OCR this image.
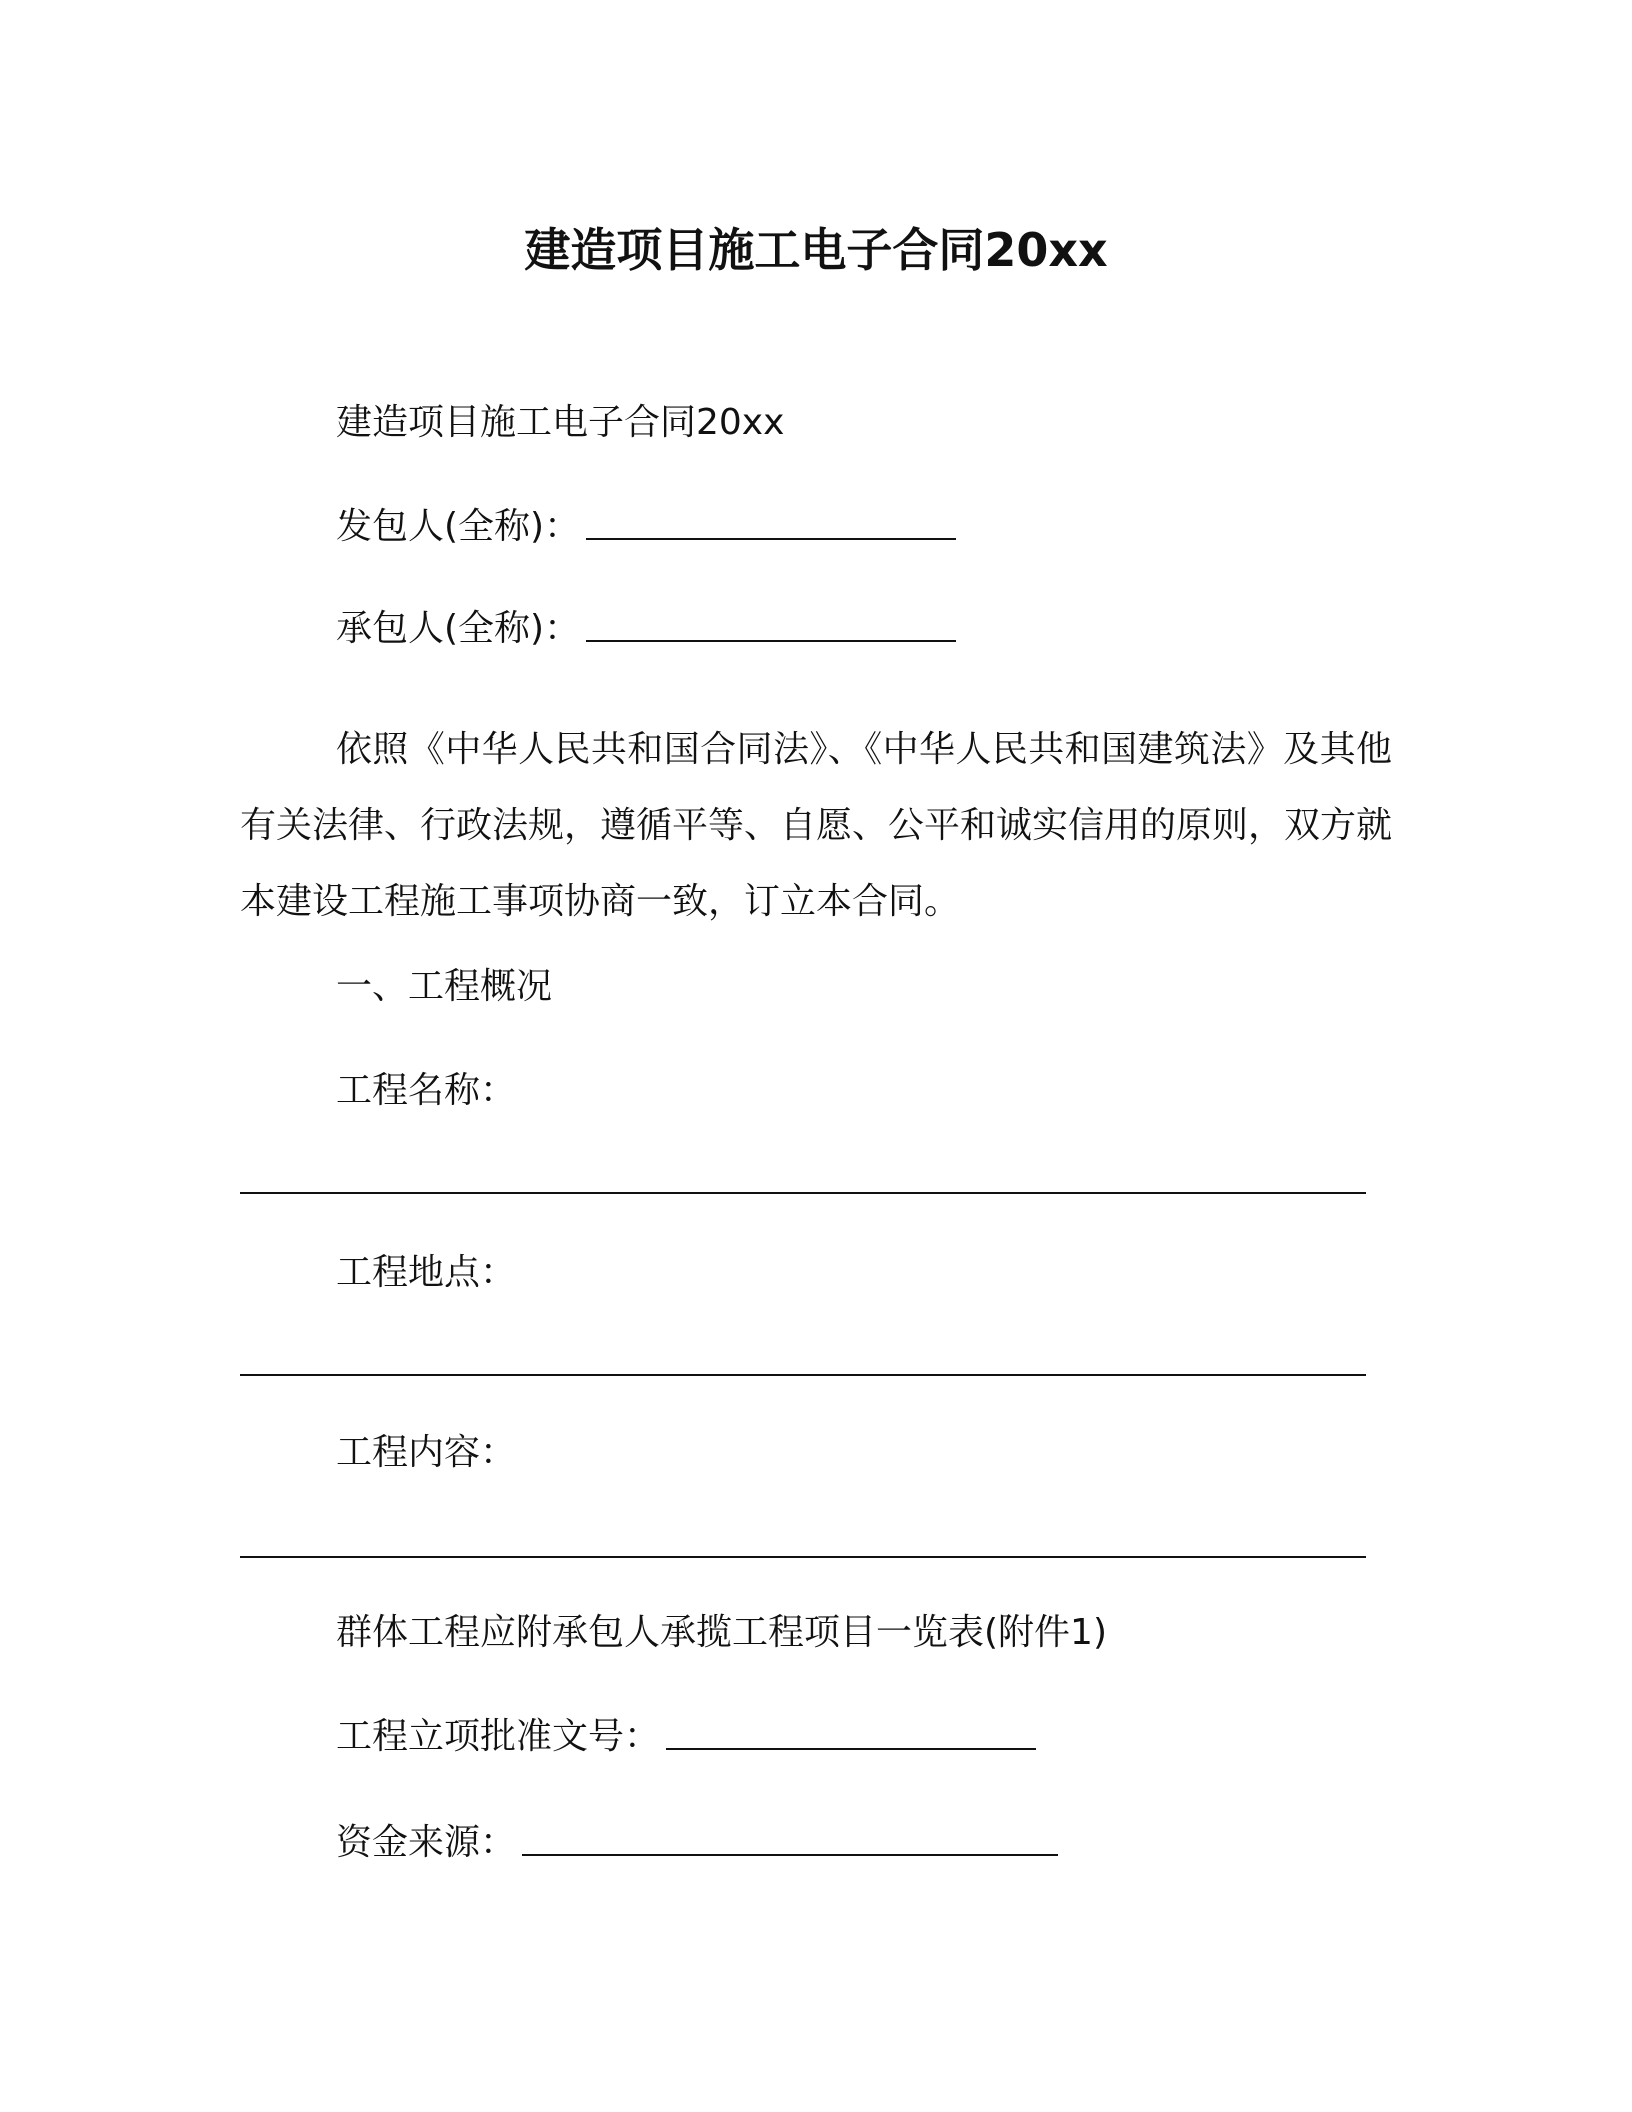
建造项目施工电子合同20xx
建造项目施工电子合同20xx
发包人(全称)：
承包人(全称)：
依照《中华人民共和国合同法》、《中华人民共和国建筑法》及其他有关法律、行政法规，遵循平等、自愿、公平和诚实信用的原则，双方就本建设工程施工事项协商一致，订立本合同。
一、工程概况
工程名称：
工程地点：
工程内容：
群体工程应附承包人承揽工程项目一览表(附件1)
工程立项批准文号：
资金来源：
